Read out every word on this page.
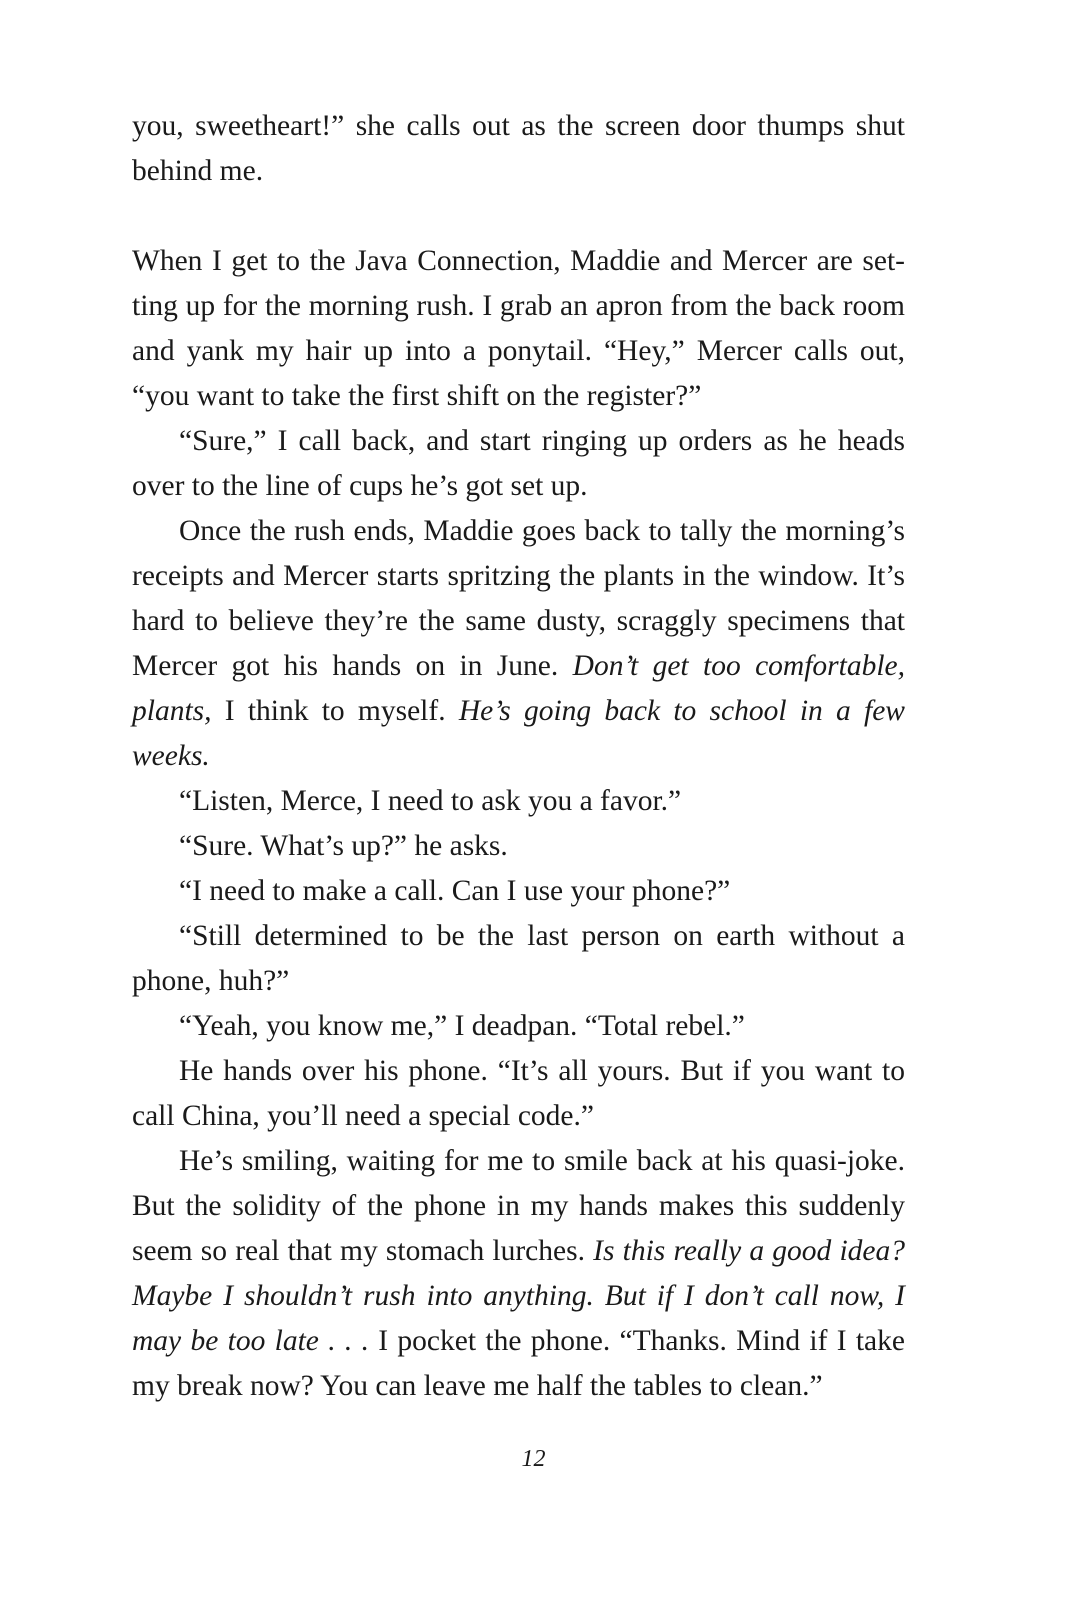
you, sweetheart!” she calls out as the screen door thumps shut behind me.

When I get to the Java Connection, Maddie and Mercer are setting up for the morning rush. I grab an apron from the back room and yank my hair up into a ponytail. “Hey,” Mercer calls out, “you want to take the first shift on the register?”

“Sure,” I call back, and start ringing up orders as he heads over to the line of cups he’s got set up.

Once the rush ends, Maddie goes back to tally the morning’s receipts and Mercer starts spritzing the plants in the window. It’s hard to believe they’re the same dusty, scraggly specimens that Mercer got his hands on in June. Don’t get too comfortable, plants, I think to myself. He’s going back to school in a few weeks.

“Listen, Merce, I need to ask you a favor.”

“Sure. What’s up?” he asks.

“I need to make a call. Can I use your phone?”

“Still determined to be the last person on earth without a phone, huh?”

“Yeah, you know me,” I deadpan. “Total rebel.”

He hands over his phone. “It’s all yours. But if you want to call China, you’ll need a special code.”

He’s smiling, waiting for me to smile back at his quasi-joke. But the solidity of the phone in my hands makes this suddenly seem so real that my stomach lurches. Is this really a good idea? Maybe I shouldn’t rush into anything. But if I don’t call now, I may be too late . . . I pocket the phone. “Thanks. Mind if I take my break now? You can leave me half the tables to clean.”

12
